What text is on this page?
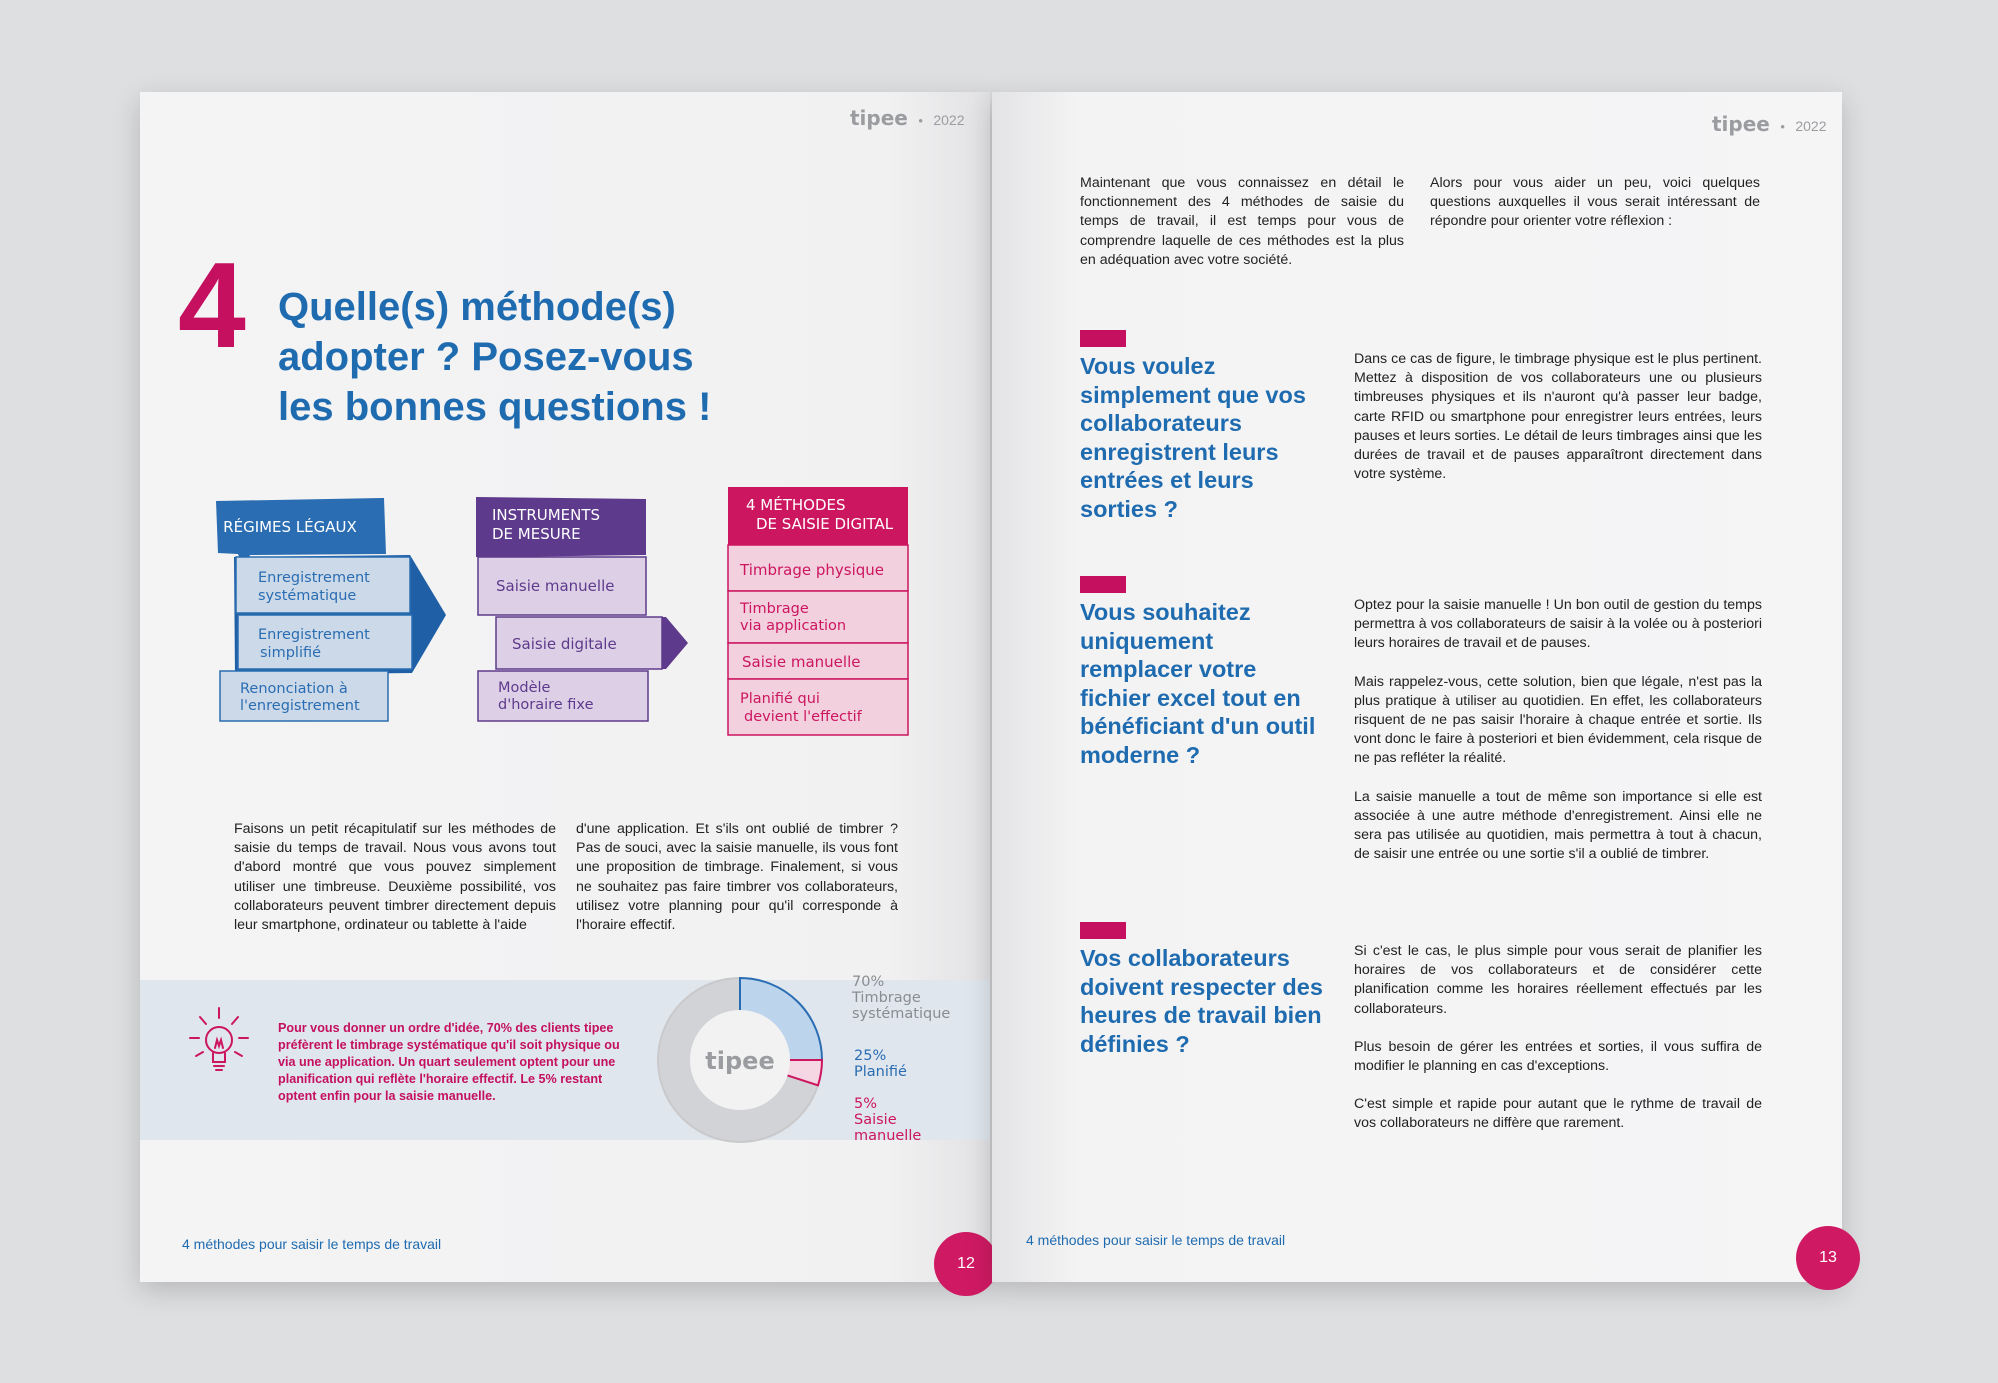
tipee • 2022
4 Quelle(s) méthode(s)
adopter ? Posez-vous
les bonnes questions !
RÉGIMES LÉGAUX
Enregistrement
systématique
Enregistrement
simplifié
Renonciation à
l'enregistrement
INSTRUMENTS
DE MESURE
Saisie manuelle
Saisie digitale
Modèle
d'horaire fixe
4 MÉTHODES
DE SAISIE DIGITAL
Timbrage physique
Timbrage
via application
Saisie manuelle
Planifié qui
devient l'effectif
Faisons un petit récapitulatif sur les méthodes de saisie du temps de travail. Nous vous avons tout d'abord montré que vous pouvez simplement utiliser une timbreuse. Deuxième possibilité, vos collaborateurs peuvent timbrer directement depuis leur smartphone, ordinateur ou tablette à l'aide
d'une application. Et s'ils ont oublié de timbrer ? Pas de souci, avec la saisie manuelle, ils vous font une proposition de timbrage. Finalement, si vous ne souhaitez pas faire timbrer vos collaborateurs, utilisez votre planning pour qu'il corresponde à l'horaire effectif.
Pour vous donner un ordre d'idée, 70% des clients tipee préfèrent le timbrage systématique qu'il soit physique ou via une application. Un quart seulement optent pour une planification qui reflète l'horaire effectif. Le 5% restant optent enfin pour la saisie manuelle.
tipee
70%
Timbrage systématique
25%
Planifié
5%
Saisie manuelle
4 méthodes pour saisir le temps de travail
12
tipee • 2022
Maintenant que vous connaissez en détail le fonctionnement des 4 méthodes de saisie du temps de travail, il est temps pour vous de comprendre laquelle de ces méthodes est la plus en adéquation avec votre société.
Alors pour vous aider un peu, voici quelques questions auxquelles il vous serait intéressant de répondre pour orienter votre réflexion :
Vous voulez simplement que vos collaborateurs enregistrent leurs entrées et leurs sorties ?

Dans ce cas de figure, le timbrage physique est le plus pertinent. Mettez à disposition de vos collaborateurs une ou plusieurs timbreuses physiques et ils n'auront qu'à passer leur badge, carte RFID ou smartphone pour enregistrer leurs entrées, leurs pauses et leurs sorties. Le détail de leurs timbrages ainsi que les durées de travail et de pauses apparaîtront directement dans votre système.

Vous souhaitez uniquement remplacer votre fichier excel tout en bénéficiant d'un outil moderne ?

Optez pour la saisie manuelle ! Un bon outil de gestion du temps permettra à vos collaborateurs de saisir à la volée ou à posteriori leurs horaires de travail et de pauses.

Mais rappelez-vous, cette solution, bien que légale, n'est pas la plus pratique à utiliser au quotidien. En effet, les collaborateurs risquent de ne pas saisir l'horaire à chaque entrée et sortie. Ils vont donc le faire à posteriori et bien évidemment, cela risque de ne pas refléter la réalité.

La saisie manuelle a tout de même son importance si elle est associée à une autre méthode d'enregistrement. Ainsi elle ne sera pas utilisée au quotidien, mais permettra à tout à chacun, de saisir une entrée ou une sortie s'il a oublié de timbrer.

Vos collaborateurs doivent respecter des heures de travail bien définies ?

Si c'est le cas, le plus simple pour vous serait de planifier les horaires de vos collaborateurs et de considérer cette planification comme les horaires réellement effectués par les collaborateurs.

Plus besoin de gérer les entrées et sorties, il vous suffira de modifier le planning en cas d'exceptions.

C'est simple et rapide pour autant que le rythme de travail de vos collaborateurs ne diffère que rarement.

4 méthodes pour saisir le temps de travail
13
